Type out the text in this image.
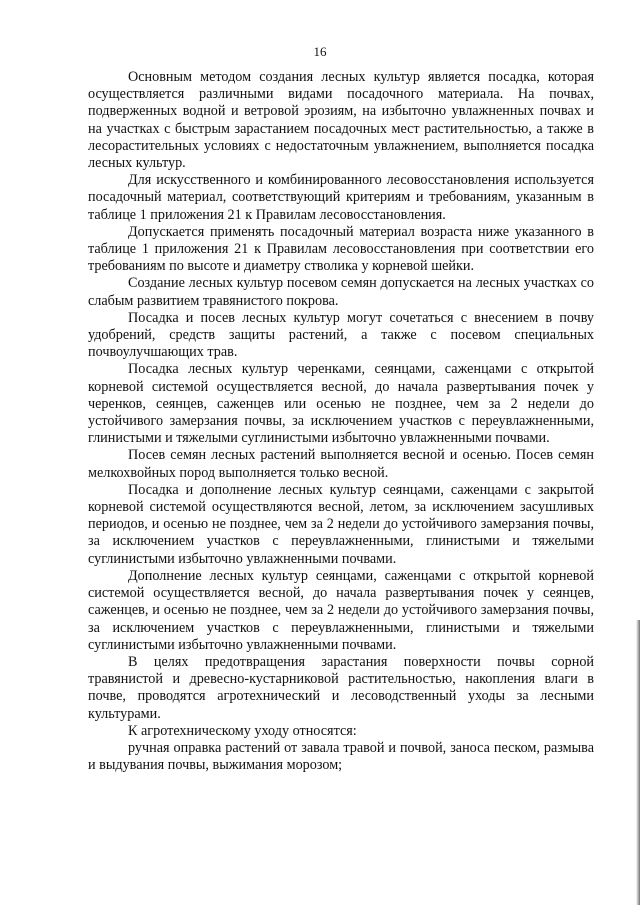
16

Основным методом создания лесных культур является посадка, которая осуществляется различными видами посадочного материала. На почвах, подверженных водной и ветровой эрозиям, на избыточно увлажненных почвах и на участках с быстрым зарастанием посадочных мест растительностью, а также в лесорастительных условиях с недостаточным увлажнением, выполняется посадка лесных культур.

Для искусственного и комбинированного лесовосстановления используется посадочный материал, соответствующий критериям и требованиям, указанным в таблице 1 приложения 21 к Правилам лесовосстановления.

Допускается применять посадочный материал возраста ниже указанного в таблице 1 приложения 21 к Правилам лесовосстановления при соответствии его требованиям по высоте и диаметру стволика у корневой шейки.

Создание лесных культур посевом семян допускается на лесных участках со слабым развитием травянистого покрова.

Посадка и посев лесных культур могут сочетаться с внесением в почву удобрений, средств защиты растений, а также с посевом специальных почвоулучшающих трав.

Посадка лесных культур черенками, сеянцами, саженцами с открытой корневой системой осуществляется весной, до начала развертывания почек у черенков, сеянцев, саженцев или осенью не позднее, чем за 2 недели до устойчивого замерзания почвы, за исключением участков с переувлажненными, глинистыми и тяжелыми суглинистыми избыточно увлажненными почвами.

Посев семян лесных растений выполняется весной и осенью. Посев семян мелкохвойных пород выполняется только весной.

Посадка и дополнение лесных культур сеянцами, саженцами с закрытой корневой системой осуществляются весной, летом, за исключением засушливых периодов, и осенью не позднее, чем за 2 недели до устойчивого замерзания почвы, за исключением участков с переувлажненными, глинистыми и тяжелыми суглинистыми избыточно увлажненными почвами.

Дополнение лесных культур сеянцами, саженцами с открытой корневой системой осуществляется весной, до начала развертывания почек у сеянцев, саженцев, и осенью не позднее, чем за 2 недели до устойчивого замерзания почвы, за исключением участков с переувлажненными, глинистыми и тяжелыми суглинистыми избыточно увлажненными почвами.

В целях предотвращения зарастания поверхности почвы сорной травянистой и древесно-кустарниковой растительностью, накопления влаги в почве, проводятся агротехнический и лесоводственный уходы за лесными культурами.

К агротехническому уходу относятся:

ручная оправка растений от завала травой и почвой, заноса песком, размыва и выдувания почвы, выжимания морозом;
